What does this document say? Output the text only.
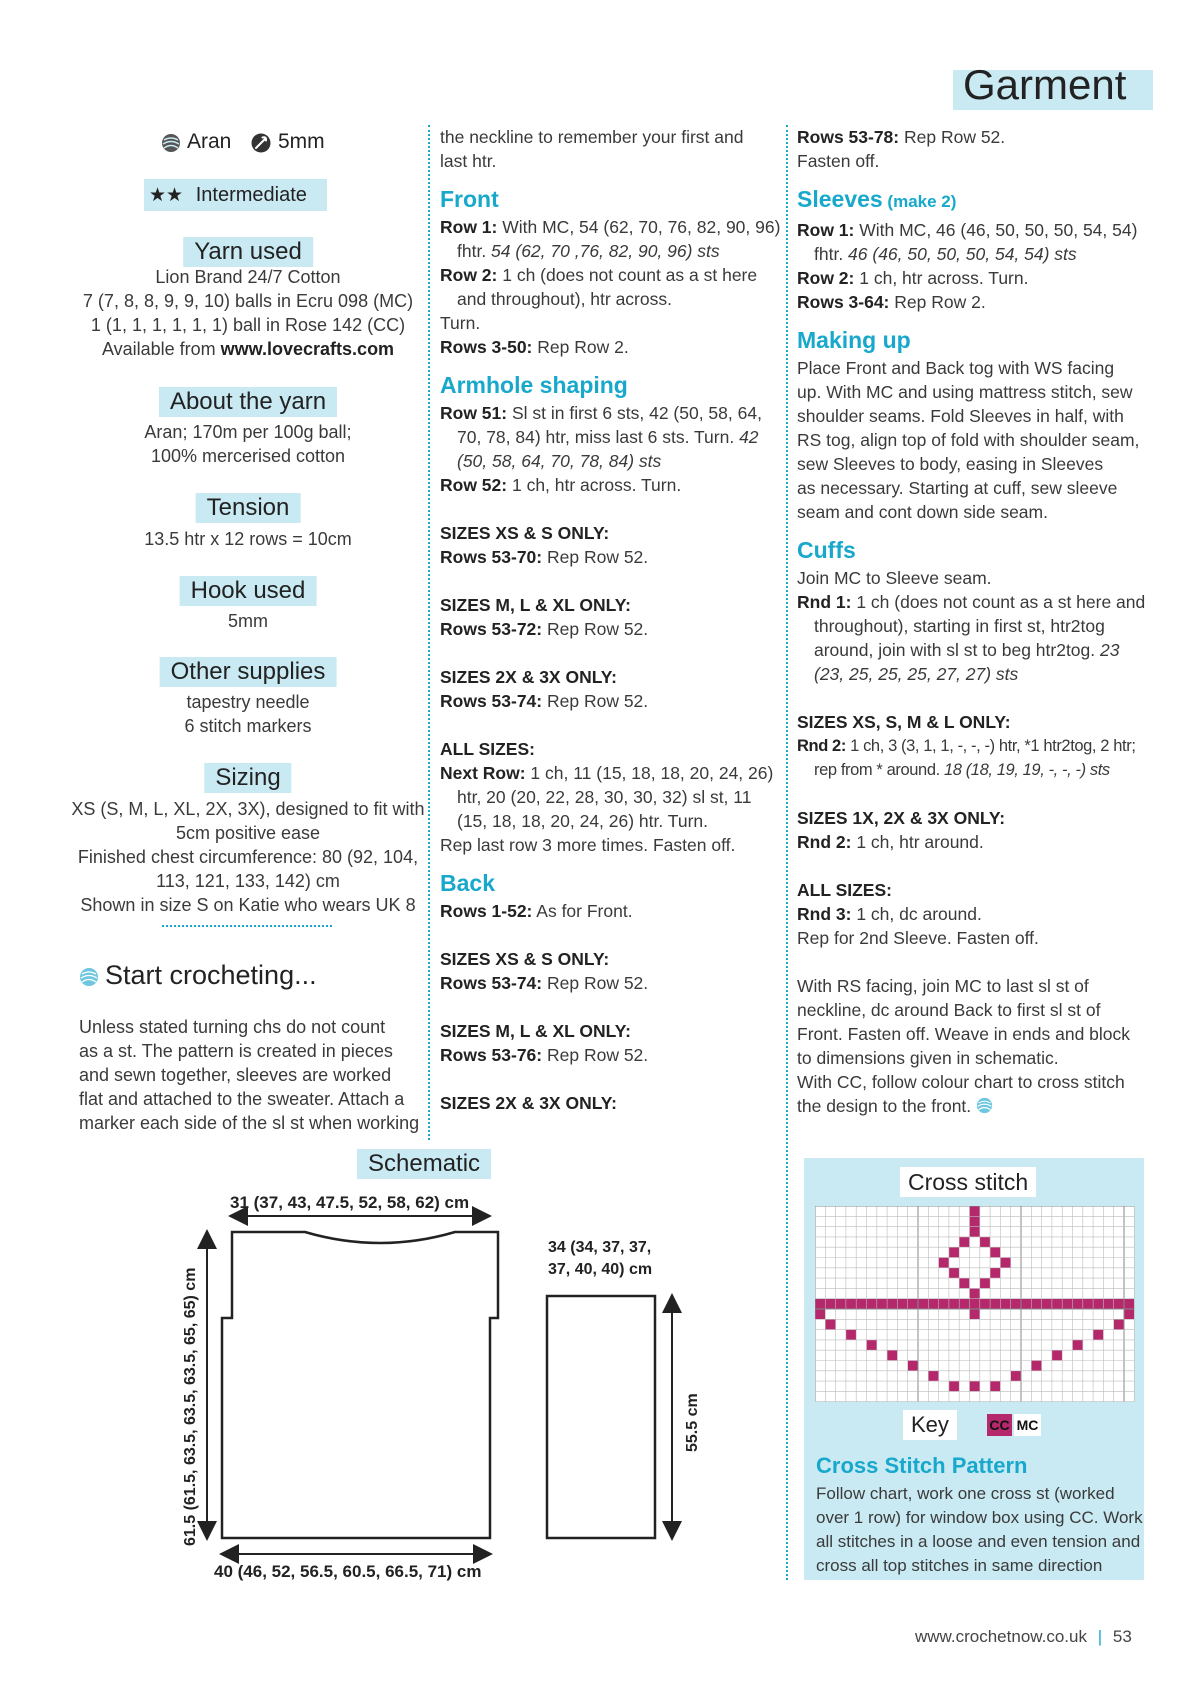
Garment
Aran 5mm
★★ Intermediate
Yarn used
Lion Brand 24/7 Cotton
7 (7, 8, 8, 9, 9, 10) balls in Ecru 098 (MC)
1 (1, 1, 1, 1, 1, 1) ball in Rose 142 (CC)
Available from www.lovecrafts.com
About the yarn
Aran; 170m per 100g ball;
100% mercerised cotton
Tension
13.5 htr x 12 rows = 10cm
Hook used
5mm
Other supplies
tapestry needle
6 stitch markers
Sizing
XS (S, M, L, XL, 2X, 3X), designed to fit with
5cm positive ease
Finished chest circumference: 80 (92, 104,
113, 121, 133, 142) cm
Shown in size S on Katie who wears UK 8
Start crocheting...
Unless stated turning chs do not count
as a st. The pattern is created in pieces
and sewn together, sleeves are worked
flat and attached to the sweater. Attach a
marker each side of the sl st when working
the neckline to remember your first and
last htr.
Front
Row 1: With MC, 54 (62, 70, 76, 82, 90, 96) fhtr. 54 (62, 70 ,76, 82, 90, 96) sts
Row 2: 1 ch (does not count as a st here and throughout), htr across.
Turn.
Rows 3-50: Rep Row 2.
Armhole shaping
Row 51: Sl st in first 6 sts, 42 (50, 58, 64, 70, 78, 84) htr, miss last 6 sts. Turn. 42 (50, 58, 64, 70, 78, 84) sts
Row 52: 1 ch, htr across. Turn.
SIZES XS & S ONLY:
Rows 53-70: Rep Row 52.
SIZES M, L & XL ONLY:
Rows 53-72: Rep Row 52.
SIZES 2X & 3X ONLY:
Rows 53-74: Rep Row 52.
ALL SIZES:
Next Row: 1 ch, 11 (15, 18, 18, 20, 24, 26) htr, 20 (20, 22, 28, 30, 30, 32) sl st, 11 (15, 18, 18, 20, 24, 26) htr. Turn.
Rep last row 3 more times. Fasten off.
Back
Rows 1-52: As for Front.
SIZES XS & S ONLY:
Rows 53-74: Rep Row 52.
SIZES M, L & XL ONLY:
Rows 53-76: Rep Row 52.
SIZES 2X & 3X ONLY:
Rows 53-78: Rep Row 52.
Fasten off.
Sleeves (make 2)
Row 1: With MC, 46 (46, 50, 50, 50, 54, 54) fhtr. 46 (46, 50, 50, 50, 54, 54) sts
Row 2: 1 ch, htr across. Turn.
Rows 3-64: Rep Row 2.
Making up
Place Front and Back tog with WS facing
up. With MC and using mattress stitch, sew
shoulder seams. Fold Sleeves in half, with
RS tog, align top of fold with shoulder seam,
sew Sleeves to body, easing in Sleeves
as necessary. Starting at cuff, sew sleeve
seam and cont down side seam.
Cuffs
Join MC to Sleeve seam.
Rnd 1: 1 ch (does not count as a st here and throughout), starting in first st, htr2tog around, join with sl st to beg htr2tog. 23 (23, 25, 25, 25, 27, 27) sts
SIZES XS, S, M & L ONLY:
Rnd 2: 1 ch, 3 (3, 1, 1, -, -, -) htr, *1 htr2tog, 2 htr; rep from * around. 18 (18, 19, 19, -, -, -) sts
SIZES 1X, 2X & 3X ONLY:
Rnd 2: 1 ch, htr around.
ALL SIZES:
Rnd 3: 1 ch, dc around.
Rep for 2nd Sleeve. Fasten off.
With RS facing, join MC to last sl st of
neckline, dc around Back to first sl st of
Front. Fasten off. Weave in ends and block
to dimensions given in schematic.
With CC, follow colour chart to cross stitch
the design to the front.
Schematic
31 (37, 43, 47.5, 52, 58, 62) cm
61.5 (61.5, 63.5, 63.5, 63.5, 65, 65) cm
40 (46, 52, 56.5, 60.5, 66.5, 71) cm
34 (34, 37, 37,
37, 40, 40) cm
55.5 cm
Cross stitch
Key	CC MC
Cross Stitch Pattern
Follow chart, work one cross st (worked
over 1 row) for window box using CC. Work
all stitches in a loose and even tension and
cross all top stitches in same direction
www.crochetnow.co.uk | 53
